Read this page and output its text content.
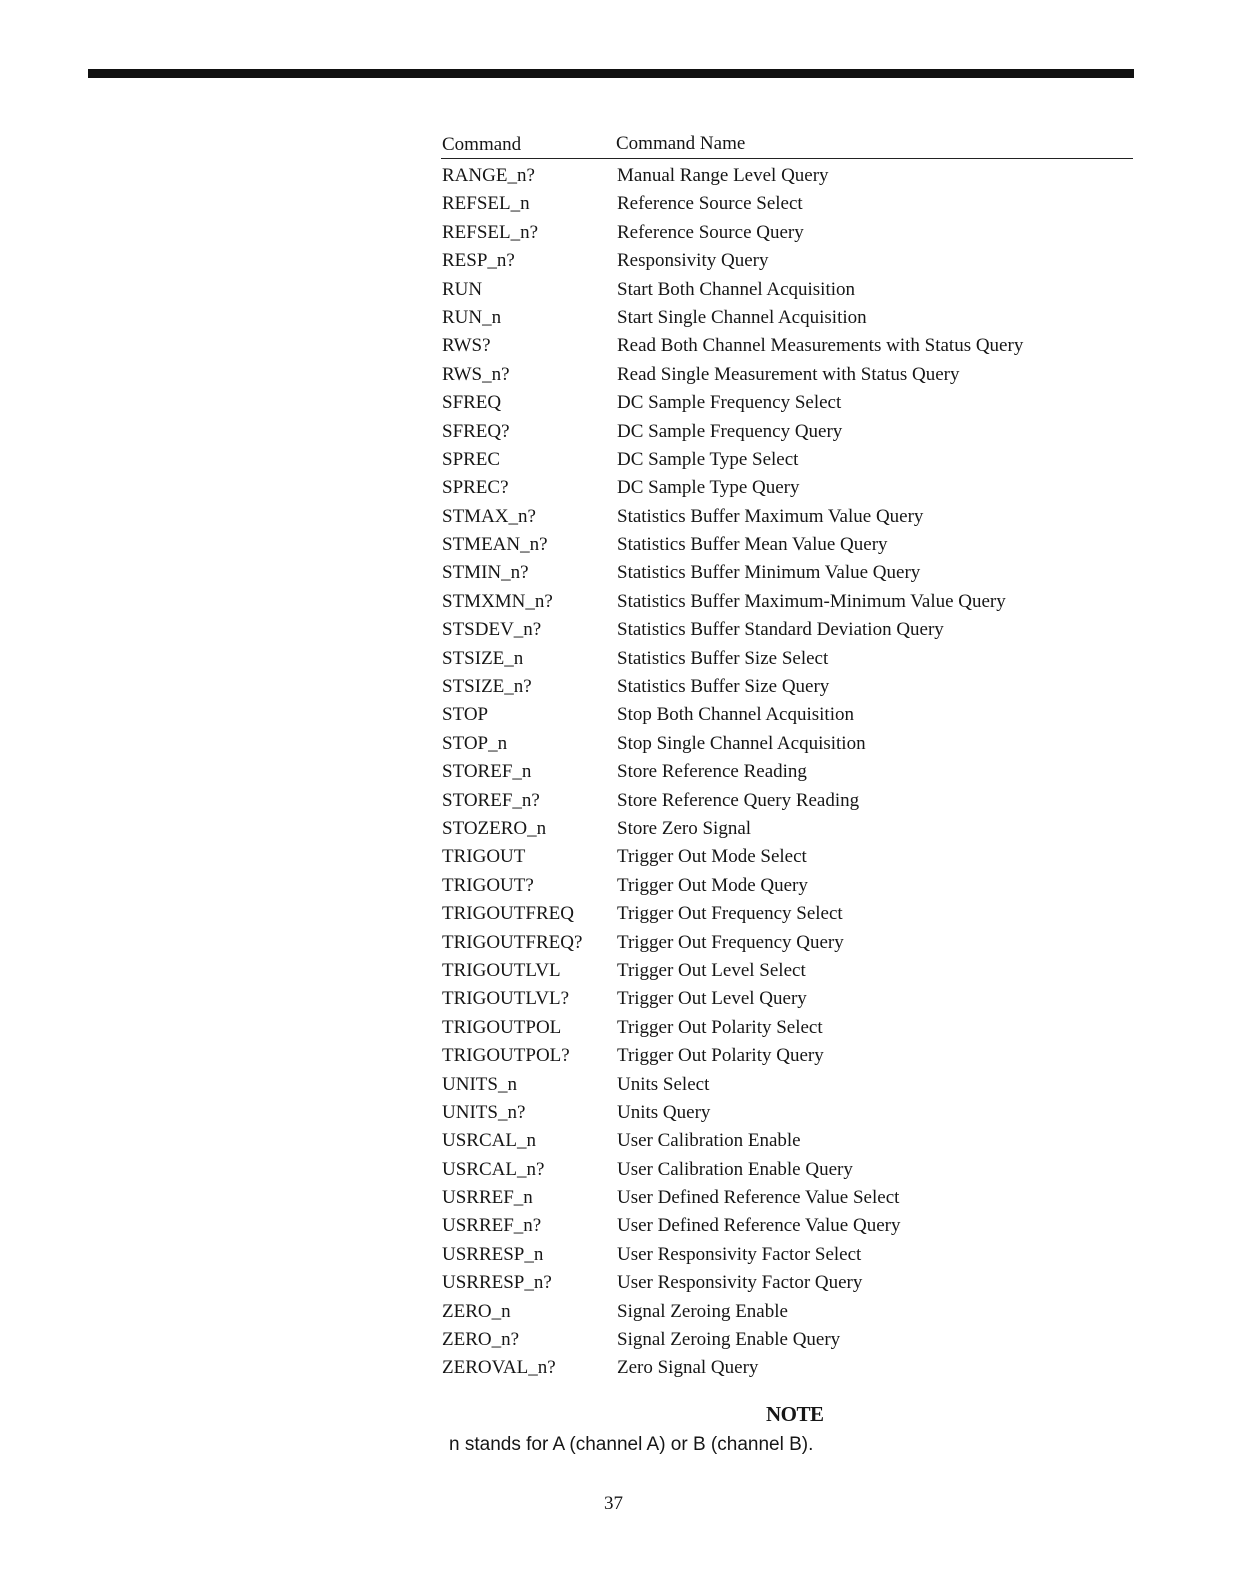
Command	Command Name
RANGE_n?	Manual Range Level Query
REFSEL_n	Reference Source Select
REFSEL_n?	Reference Source Query
RESP_n?	Responsivity Query
RUN	Start Both Channel Acquisition
RUN_n	Start Single Channel Acquisition
RWS?	Read Both Channel Measurements with Status Query
RWS_n?	Read Single Measurement with Status Query
SFREQ	DC Sample Frequency Select
SFREQ?	DC Sample Frequency Query
SPREC	DC Sample Type Select
SPREC?	DC Sample Type Query
STMAX_n?	Statistics Buffer Maximum Value Query
STMEAN_n?	Statistics Buffer Mean Value Query
STMIN_n?	Statistics Buffer Minimum Value Query
STMXMN_n?	Statistics Buffer Maximum-Minimum Value Query
STSDEV_n?	Statistics Buffer Standard Deviation Query
STSIZE_n	Statistics Buffer Size Select
STSIZE_n?	Statistics Buffer Size Query
STOP	Stop Both Channel Acquisition
STOP_n	Stop Single Channel Acquisition
STOREF_n	Store Reference Reading
STOREF_n?	Store Reference Query Reading
STOZERO_n	Store Zero Signal
TRIGOUT	Trigger Out Mode Select
TRIGOUT?	Trigger Out Mode Query
TRIGOUTFREQ Trigger Out Frequency Select
TRIGOUTFREQ? Trigger Out Frequency Query
TRIGOUTLVL	Trigger Out Level Select
TRIGOUTLVL?	Trigger Out Level Query
TRIGOUTPOL	Trigger Out Polarity Select
TRIGOUTPOL? Trigger Out Polarity Query
UNITS_n	Units Select
UNITS_n?	Units Query
USRCAL_n	User Calibration Enable
USRCAL_n?	User Calibration Enable Query
USRREF_n	User Defined Reference Value Select
USRREF_n?	User Defined Reference Value Query
USRRESP_n	User Responsivity Factor Select
USRRESP_n?	User Responsivity Factor Query
ZERO_n	Signal Zeroing Enable
ZERO_n?	Signal Zeroing Enable Query
ZEROVAL_n?	Zero Signal Query
NOTE
n stands for A (channel A) or B (channel B).
37
